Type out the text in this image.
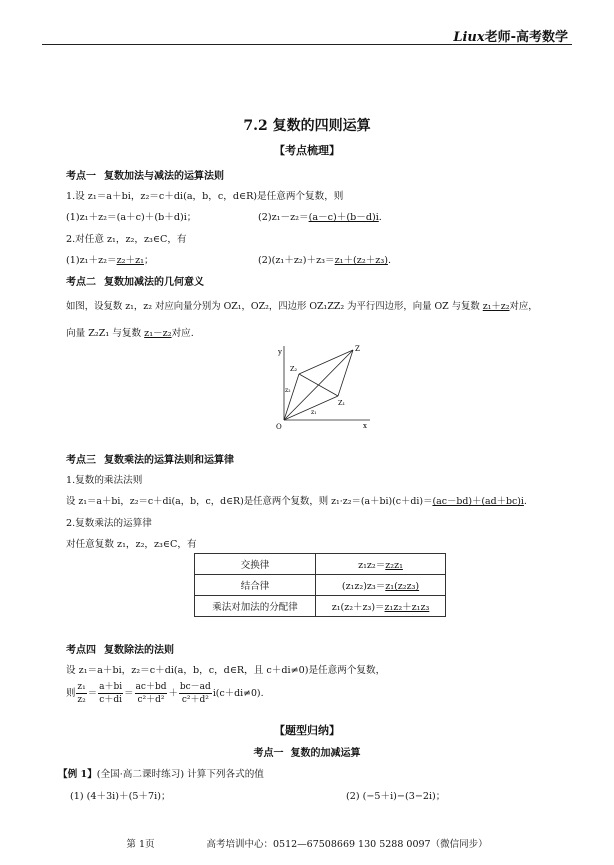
Liux老师-高考数学
7.2 复数的四则运算
【考点梳理】
考点一 复数加法与减法的运算法则
1.设 z₁＝a＋bi，z₂＝c＋di(a，b，c，d∈R)是任意两个复数，则
(1)z₁＋z₂＝(a＋c)＋(b＋d)i；	(2)z₁－z₂＝(a－c)＋(b－d)i.
2.对任意 z₁，z₂，z₃∈C，有
(1)z₁＋z₂＝z₂＋z₁；	(2)(z₁＋z₂)＋z₃＝z₁＋(z₂＋z₃).
考点二 复数加减法的几何意义
如图，设复数 z₁，z₂ 对应向量分别为 OZ₁，OZ₂，四边形 OZ₁ZZ₂ 为平行四边形，向量 OZ 与复数 z₁＋z₂对应，
向量 Z₂Z₁ 与复数 z₁－z₂对应.
y
x
O
Z
Z₁
Z₂
z₁
z₂
考点三 复数乘法的运算法则和运算律
1.复数的乘法法则
设 z₁＝a＋bi，z₂＝c＋di(a，b，c，d∈R)是任意两个复数，则 z₁·z₂＝(a＋bi)(c＋di)＝(ac－bd)＋(ad＋bc)i.
2.复数乘法的运算律
对任意复数 z₁，z₂，z₃∈C，有
交换律	z₁z₂＝z₂z₁
结合律	(z₁z₂)z₃＝z₁(z₂z₃)
乘法对加法的分配律	z₁(z₂＋z₃)＝z₁z₂＋z₁z₃
考点四 复数除法的法则
设 z₁＝a＋bi，z₂＝c＋di(a，b，c，d∈R，且 c＋di≠0)是任意两个复数，
则 $\frac{\text{z₁}}{\text{z₂}} = \frac{a+bi}{c+di} = \frac{ac+bd}{\text{c²＋d²}} + \frac{bc-ad}{\text{c²＋d²}} i(c+di\ne 0)$.
【题型归纳】
考点一 复数的加减运算
【例 1】(全国·高二课时练习) 计算下列各式的值
(1) (4＋3i)＋(5＋7i)；	(2) (−5＋i)−(3−2i)；
第 1页	高考培训中心：0512—67508669 130 5288 0097（微信同步）
